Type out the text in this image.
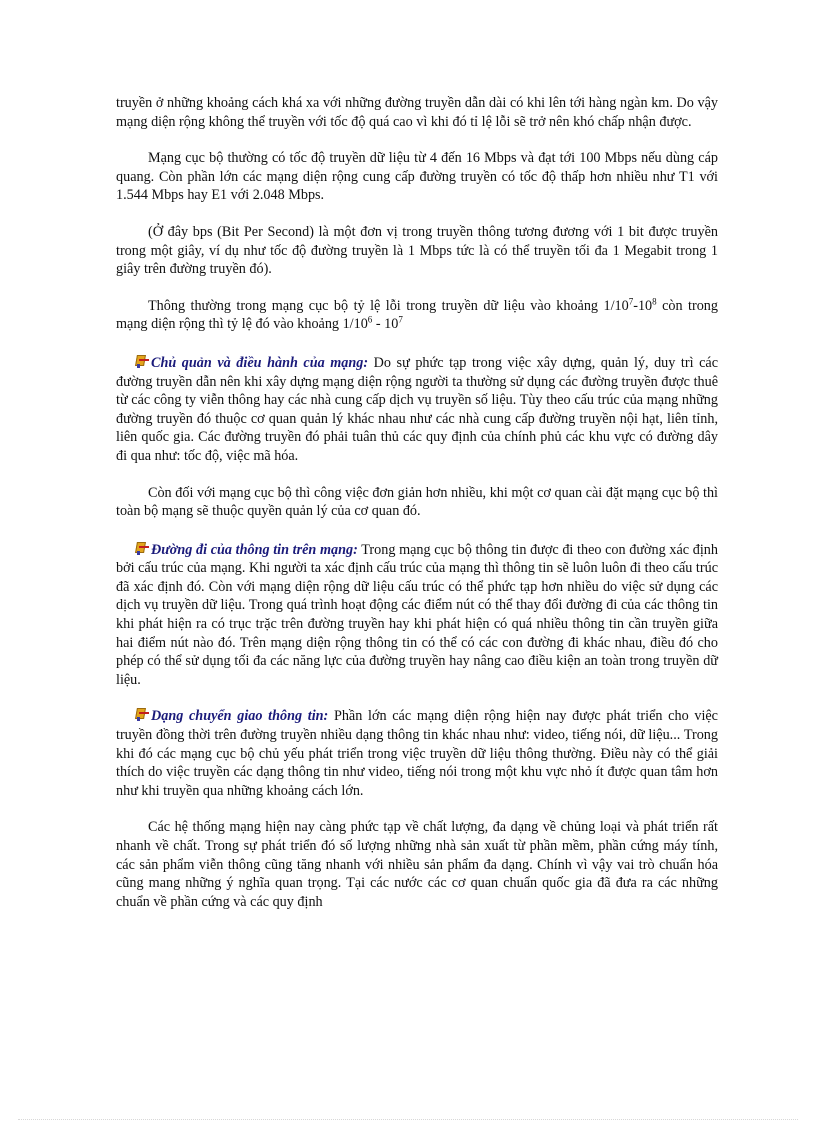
truyền ở những khoảng cách khá xa với những đường truyền dẫn dài có khi lên tới hàng ngàn km. Do vậy mạng diện rộng không thể truyền với tốc độ quá cao vì khi đó tỉ lệ lỗi sẽ trở nên khó chấp nhận được.

Mạng cục bộ thường có tốc độ truyền dữ liệu từ 4 đến 16 Mbps và đạt tới 100 Mbps nếu dùng cáp quang. Còn phần lớn các mạng diện rộng cung cấp đường truyền có tốc độ thấp hơn nhiều như T1 với 1.544 Mbps hay E1 với 2.048 Mbps.

(Ở đây bps (Bit Per Second) là một đơn vị trong truyền thông tương đương với 1 bit được truyền trong một giây, ví dụ như tốc độ đường truyền là 1 Mbps tức là có thể truyền tối đa 1 Megabit trong 1 giây trên đường truyền đó).

Thông thường trong mạng cục bộ tỷ lệ lỗi trong truyền dữ liệu vào khoảng $1/10^7-10^8$ còn trong mạng diện rộng thì tỷ lệ đó vào khoảng $1/10^6 - 10^7$

Chủ quản và điều hành của mạng: Do sự phức tạp trong việc xây dựng, quản lý, duy trì các đường truyền dẫn nên khi xây dựng mạng diện rộng người ta thường sử dụng các đường truyền được thuê từ các công ty viễn thông hay các nhà cung cấp dịch vụ truyền số liệu. Tùy theo cấu trúc của mạng những đường truyền đó thuộc cơ quan quản lý khác nhau như các nhà cung cấp đường truyền nội hạt, liên tỉnh, liên quốc gia. Các đường truyền đó phải tuân thủ các quy định của chính phủ các khu vực có đường dây đi qua như: tốc độ, việc mã hóa.

Còn đối với mạng cục bộ thì công việc đơn giản hơn nhiều, khi một cơ quan cài đặt mạng cục bộ thì toàn bộ mạng sẽ thuộc quyền quản lý của cơ quan đó.

Đường đi của thông tin trên mạng: Trong mạng cục bộ thông tin được đi theo con đường xác định bởi cấu trúc của mạng. Khi người ta xác định cấu trúc của mạng thì thông tin sẽ luôn luôn đi theo cấu trúc đã xác định đó. Còn với mạng diện rộng dữ liệu cấu trúc có thể phức tạp hơn nhiều do việc sử dụng các dịch vụ truyền dữ liệu. Trong quá trình hoạt động các điểm nút có thể thay đổi đường đi của các thông tin khi phát hiện ra có trục trặc trên đường truyền hay khi phát hiện có quá nhiều thông tin cần truyền giữa hai điểm nút nào đó. Trên mạng diện rộng thông tin có thể có các con đường đi khác nhau, điều đó cho phép có thể sử dụng tối đa các năng lực của đường truyền hay nâng cao điều kiện an toàn trong truyền dữ liệu.

Dạng chuyển giao thông tin: Phần lớn các mạng diện rộng hiện nay được phát triển cho việc truyền đồng thời trên đường truyền nhiều dạng thông tin khác nhau như: video, tiếng nói, dữ liệu... Trong khi đó các mạng cục bộ chủ yếu phát triển trong việc truyền dữ liệu thông thường. Điều này có thể giải thích do việc truyền các dạng thông tin như video, tiếng nói trong một khu vực nhỏ ít được quan tâm hơn như khi truyền qua những khoảng cách lớn.

Các hệ thống mạng hiện nay càng phức tạp về chất lượng, đa dạng về chủng loại và phát triển rất nhanh về chất. Trong sự phát triển đó số lượng những nhà sản xuất từ phần mềm, phần cứng máy tính, các sản phẩm viễn thông cũng tăng nhanh với nhiều sản phẩm đa dạng. Chính vì vậy vai trò chuẩn hóa cũng mang những ý nghĩa quan trọng. Tại các nước các cơ quan chuẩn quốc gia đã đưa ra các những chuẩn về phần cứng và các quy định
